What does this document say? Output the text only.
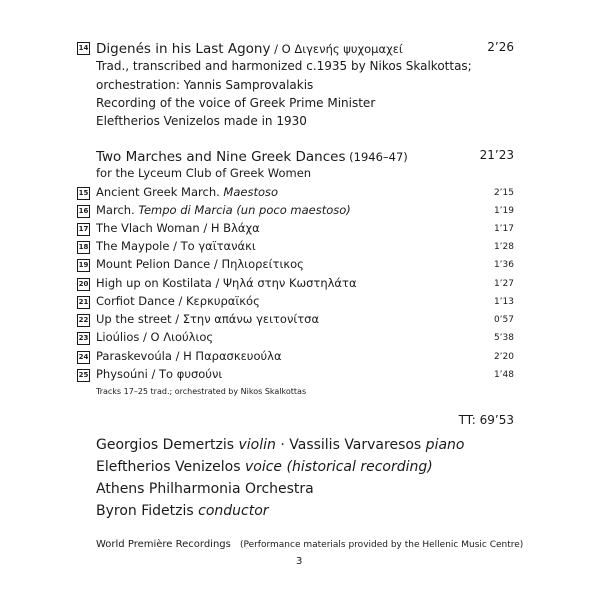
14 Digenés in his Last Agony / Ο Διγενής ψυχομαχεί	2’26
Trad., transcribed and harmonized c.1935 by Nikos Skalkottas;
orchestration: Yannis Samprovalakis
Recording of the voice of Greek Prime Minister
Eleftherios Venizelos made in 1930
Two Marches and Nine Greek Dances (1946–47)	21’23
for the Lyceum Club of Greek Women
15 Ancient Greek March. Maestoso	2’15
16 March. Tempo di Marcia (un poco maestoso)	1’19
17 The Vlach Woman / Η Βλάχα	1’17
18 The Maypole / Το γαϊτανάκι	1’28
19 Mount Pelion Dance / Πηλιορείτικος	1’36
20 High up on Kostilata / Ψηλά στην Κωστηλάτα	1’27
21 Corfiot Dance / Κερκυραϊκός	1’13
22 Up the street / Στην απάνω γειτονίτσα	0’57
23 Lioúlios / Ο Λιούλιος	5’38
24 Paraskevoúla / Η Παρασκευούλα	2’20
25 Physoúni / Το φυσούνι	1’48
Tracks 17–25 trad.; orchestrated by Nikos Skalkottas
TT: 69’53
Georgios Demertzis violin · Vassilis Varvaresos piano
Eleftherios Venizelos voice (historical recording)
Athens Philharmonia Orchestra
Byron Fidetzis conductor
World Première Recordings (Performance materials provided by the Hellenic Music Centre)
3
